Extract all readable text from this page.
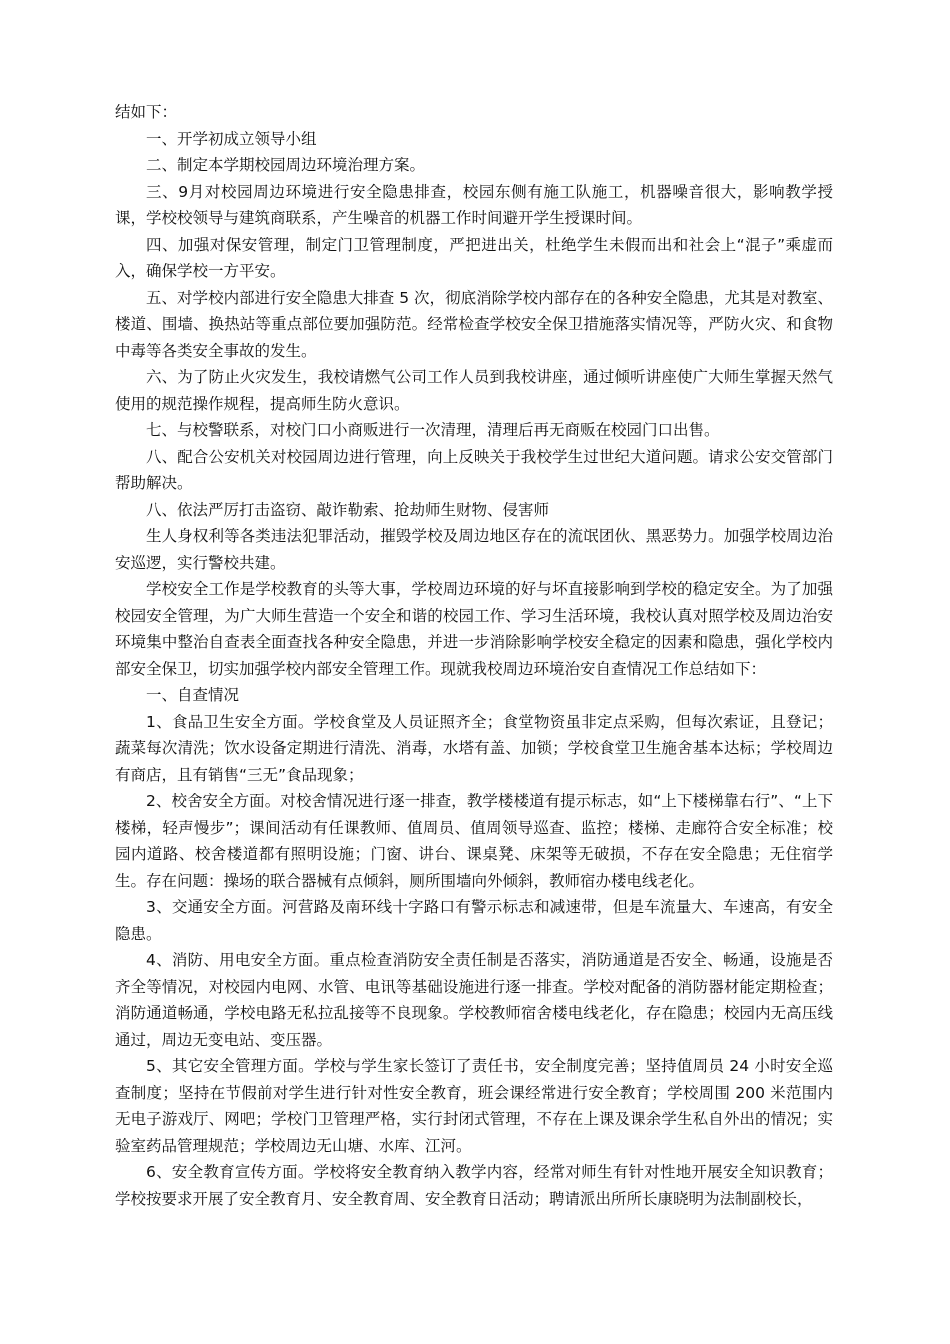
结如下：

一、开学初成立领导小组

二、制定本学期校园周边环境治理方案。

三、9月对校园周边环境进行安全隐患排查，校园东侧有施工队施工，机器噪音很大，影响教学授课，学校校领导与建筑商联系，产生噪音的机器工作时间避开学生授课时间。

四、加强对保安管理，制定门卫管理制度，严把进出关，杜绝学生未假而出和社会上“混子”乘虚而入，确保学校一方平安。

五、对学校内部进行安全隐患大排查 5 次，彻底消除学校内部存在的各种安全隐患，尤其是对教室、楼道、围墙、换热站等重点部位要加强防范。经常检查学校安全保卫措施落实情况等，严防火灾、和食物中毒等各类安全事故的发生。

六、为了防止火灾发生，我校请燃气公司工作人员到我校讲座，通过倾听讲座使广大师生掌握天然气使用的规范操作规程，提高师生防火意识。

七、与校警联系，对校门口小商贩进行一次清理，清理后再无商贩在校园门口出售。

八、配合公安机关对校园周边进行管理，向上反映关于我校学生过世纪大道问题。请求公安交管部门帮助解决。

八、依法严厉打击盗窃、敲诈勒索、抢劫师生财物、侵害师

生人身权利等各类违法犯罪活动，摧毁学校及周边地区存在的流氓团伙、黑恶势力。加强学校周边治安巡逻，实行警校共建。

学校安全工作是学校教育的头等大事，学校周边环境的好与坏直接影响到学校的稳定安全。为了加强校园安全管理，为广大师生营造一个安全和谐的校园工作、学习生活环境，我校认真对照学校及周边治安环境集中整治自查表全面查找各种安全隐患，并进一步消除影响学校安全稳定的因素和隐患，强化学校内部安全保卫，切实加强学校内部安全管理工作。现就我校周边环境治安自查情况工作总结如下：

一、自查情况

1、食品卫生安全方面。学校食堂及人员证照齐全；食堂物资虽非定点采购，但每次索证，且登记；蔬菜每次清洗；饮水设备定期进行清洗、消毒，水塔有盖、加锁；学校食堂卫生施舍基本达标；学校周边有商店，且有销售“三无”食品现象；

2、校舍安全方面。对校舍情况进行逐一排查，教学楼楼道有提示标志，如“上下楼梯靠右行”、“上下楼梯，轻声慢步”；课间活动有任课教师、值周员、值周领导巡查、监控；楼梯、走廊符合安全标准；校园内道路、校舍楼道都有照明设施；门窗、讲台、课桌凳、床架等无破损，不存在安全隐患；无住宿学生。存在问题：操场的联合器械有点倾斜，厕所围墙向外倾斜，教师宿办楼电线老化。

3、交通安全方面。河营路及南环线十字路口有警示标志和减速带，但是车流量大、车速高，有安全隐患。

4、消防、用电安全方面。重点检查消防安全责任制是否落实，消防通道是否安全、畅通，设施是否齐全等情况，对校园内电网、水管、电讯等基础设施进行逐一排查。学校对配备的消防器材能定期检查；消防通道畅通，学校电路无私拉乱接等不良现象。学校教师宿舍楼电线老化，存在隐患；校园内无高压线通过，周边无变电站、变压器。

5、其它安全管理方面。学校与学生家长签订了责任书，安全制度完善；坚持值周员 24 小时安全巡查制度；坚持在节假前对学生进行针对性安全教育，班会课经常进行安全教育；学校周围 200 米范围内无电子游戏厅、网吧；学校门卫管理严格，实行封闭式管理，不存在上课及课余学生私自外出的情况；实验室药品管理规范；学校周边无山塘、水库、江河。

6、安全教育宣传方面。学校将安全教育纳入教学内容，经常对师生有针对性地开展安全知识教育；学校按要求开展了安全教育月、安全教育周、安全教育日活动；聘请派出所所长康晓明为法制副校长，
